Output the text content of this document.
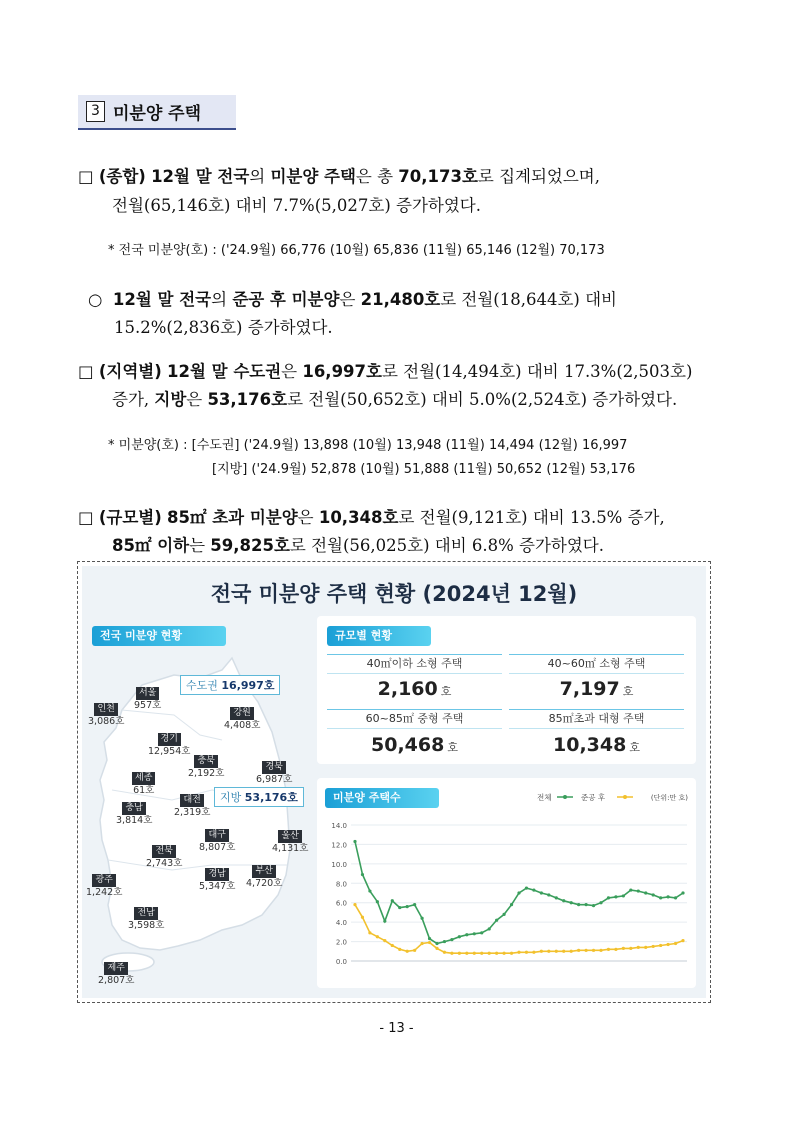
3 미분양 주택
□ (종합) 12월 말 전국의 미분양 주택은 총 70,173호로 집계되었으며,
전월(65,146호) 대비 7.7%(5,027호) 증가하였다.
* 전국 미분양(호) : ('24.9월) 66,776 (10월) 65,836 (11월) 65,146 (12월) 70,173
○ 12월 말 전국의 준공 후 미분양은 21,480호로 전월(18,644호) 대비
15.2%(2,836호) 증가하였다.
□ (지역별) 12월 말 수도권은 16,997호로 전월(14,494호) 대비 17.3%(2,503호)
증가, 지방은 53,176호로 전월(50,652호) 대비 5.0%(2,524호) 증가하였다.
* 미분양(호) : [수도권] ('24.9월) 13,898 (10월) 13,948 (11월) 14,494 (12월) 16,997
[지방] ('24.9월) 52,878 (10월) 51,888 (11월) 50,652 (12월) 53,176
□ (규모별) 85㎡ 초과 미분양은 10,348호로 전월(9,121호) 대비 13.5% 증가,
85㎡ 이하는 59,825호로 전월(56,025호) 대비 6.8% 증가하였다.
전국 미분양 주택 현황 (2024년 12월)
전국 미분양 현황
서울
957호
인천
3,086호
경기
12,954호
강원
4,408호
충북
2,192호
세종
61호
충남
3,814호
대전
2,319호
경북
6,987호
대구
8,807호
전북
2,743호
울산
4,131호
광주
1,242호
경남
5,347호
부산
4,720호
전남
3,598호
제주
2,807호
수도권 16,997호
지방 53,176호
규모별 현황
40㎡이하 소형 주택	40~60㎡ 소형 주택
2,160 호	7,197 호
60~85㎡ 중형 주택	85㎡초과 대형 주택
50,468 호	10,348 호
미분양 주택수
14.0
12.0
10.0
8.0
6.0
4.0
2.0
0.0
전체	준공 후	(단위:만 호)
- 13 -
